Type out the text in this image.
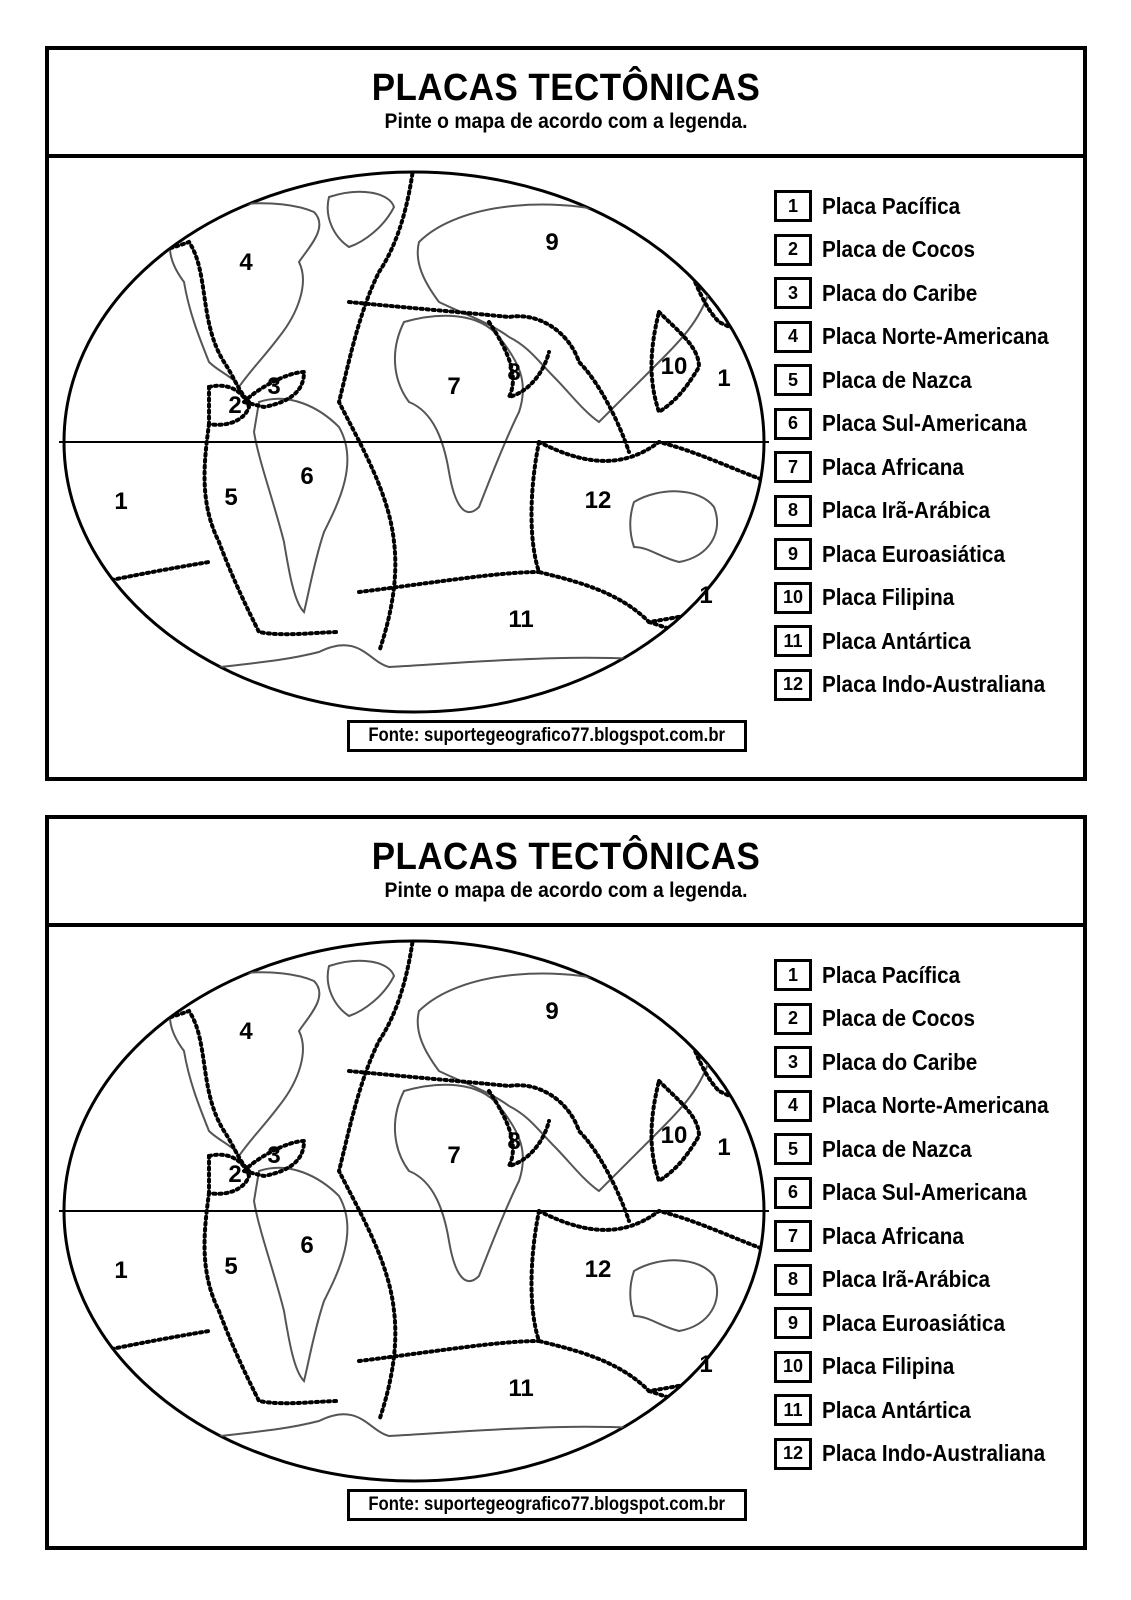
PLACAS TECTÔNICAS
Pinte o mapa de acordo com a legenda.
4
9
3
2
8
7
10 1
1	5
6
12
1
11
1	Placa Pacífica
2	Placa de Cocos
3	Placa do Caribe
4	Placa Norte-Americana
5	Placa de Nazca
6	Placa Sul-Americana
7	Placa Africana
8	Placa Irã-Arábica
9	Placa Euroasiática
10 Placa Filipina
11 Placa Antártica
12 Placa Indo-Australiana
Fonte: suportegeografico77.blogspot.com.br
PLACAS TECTÔNICAS
Pinte o mapa de acordo com a legenda.
4
9
3
2
8
7
10 1
1	5
6
12
1
11
1	Placa Pacífica
2	Placa de Cocos
3	Placa do Caribe
4	Placa Norte-Americana
5	Placa de Nazca
6	Placa Sul-Americana
7	Placa Africana
8	Placa Irã-Arábica
9	Placa Euroasiática
10 Placa Filipina
11 Placa Antártica
12 Placa Indo-Australiana
Fonte: suportegeografico77.blogspot.com.br
